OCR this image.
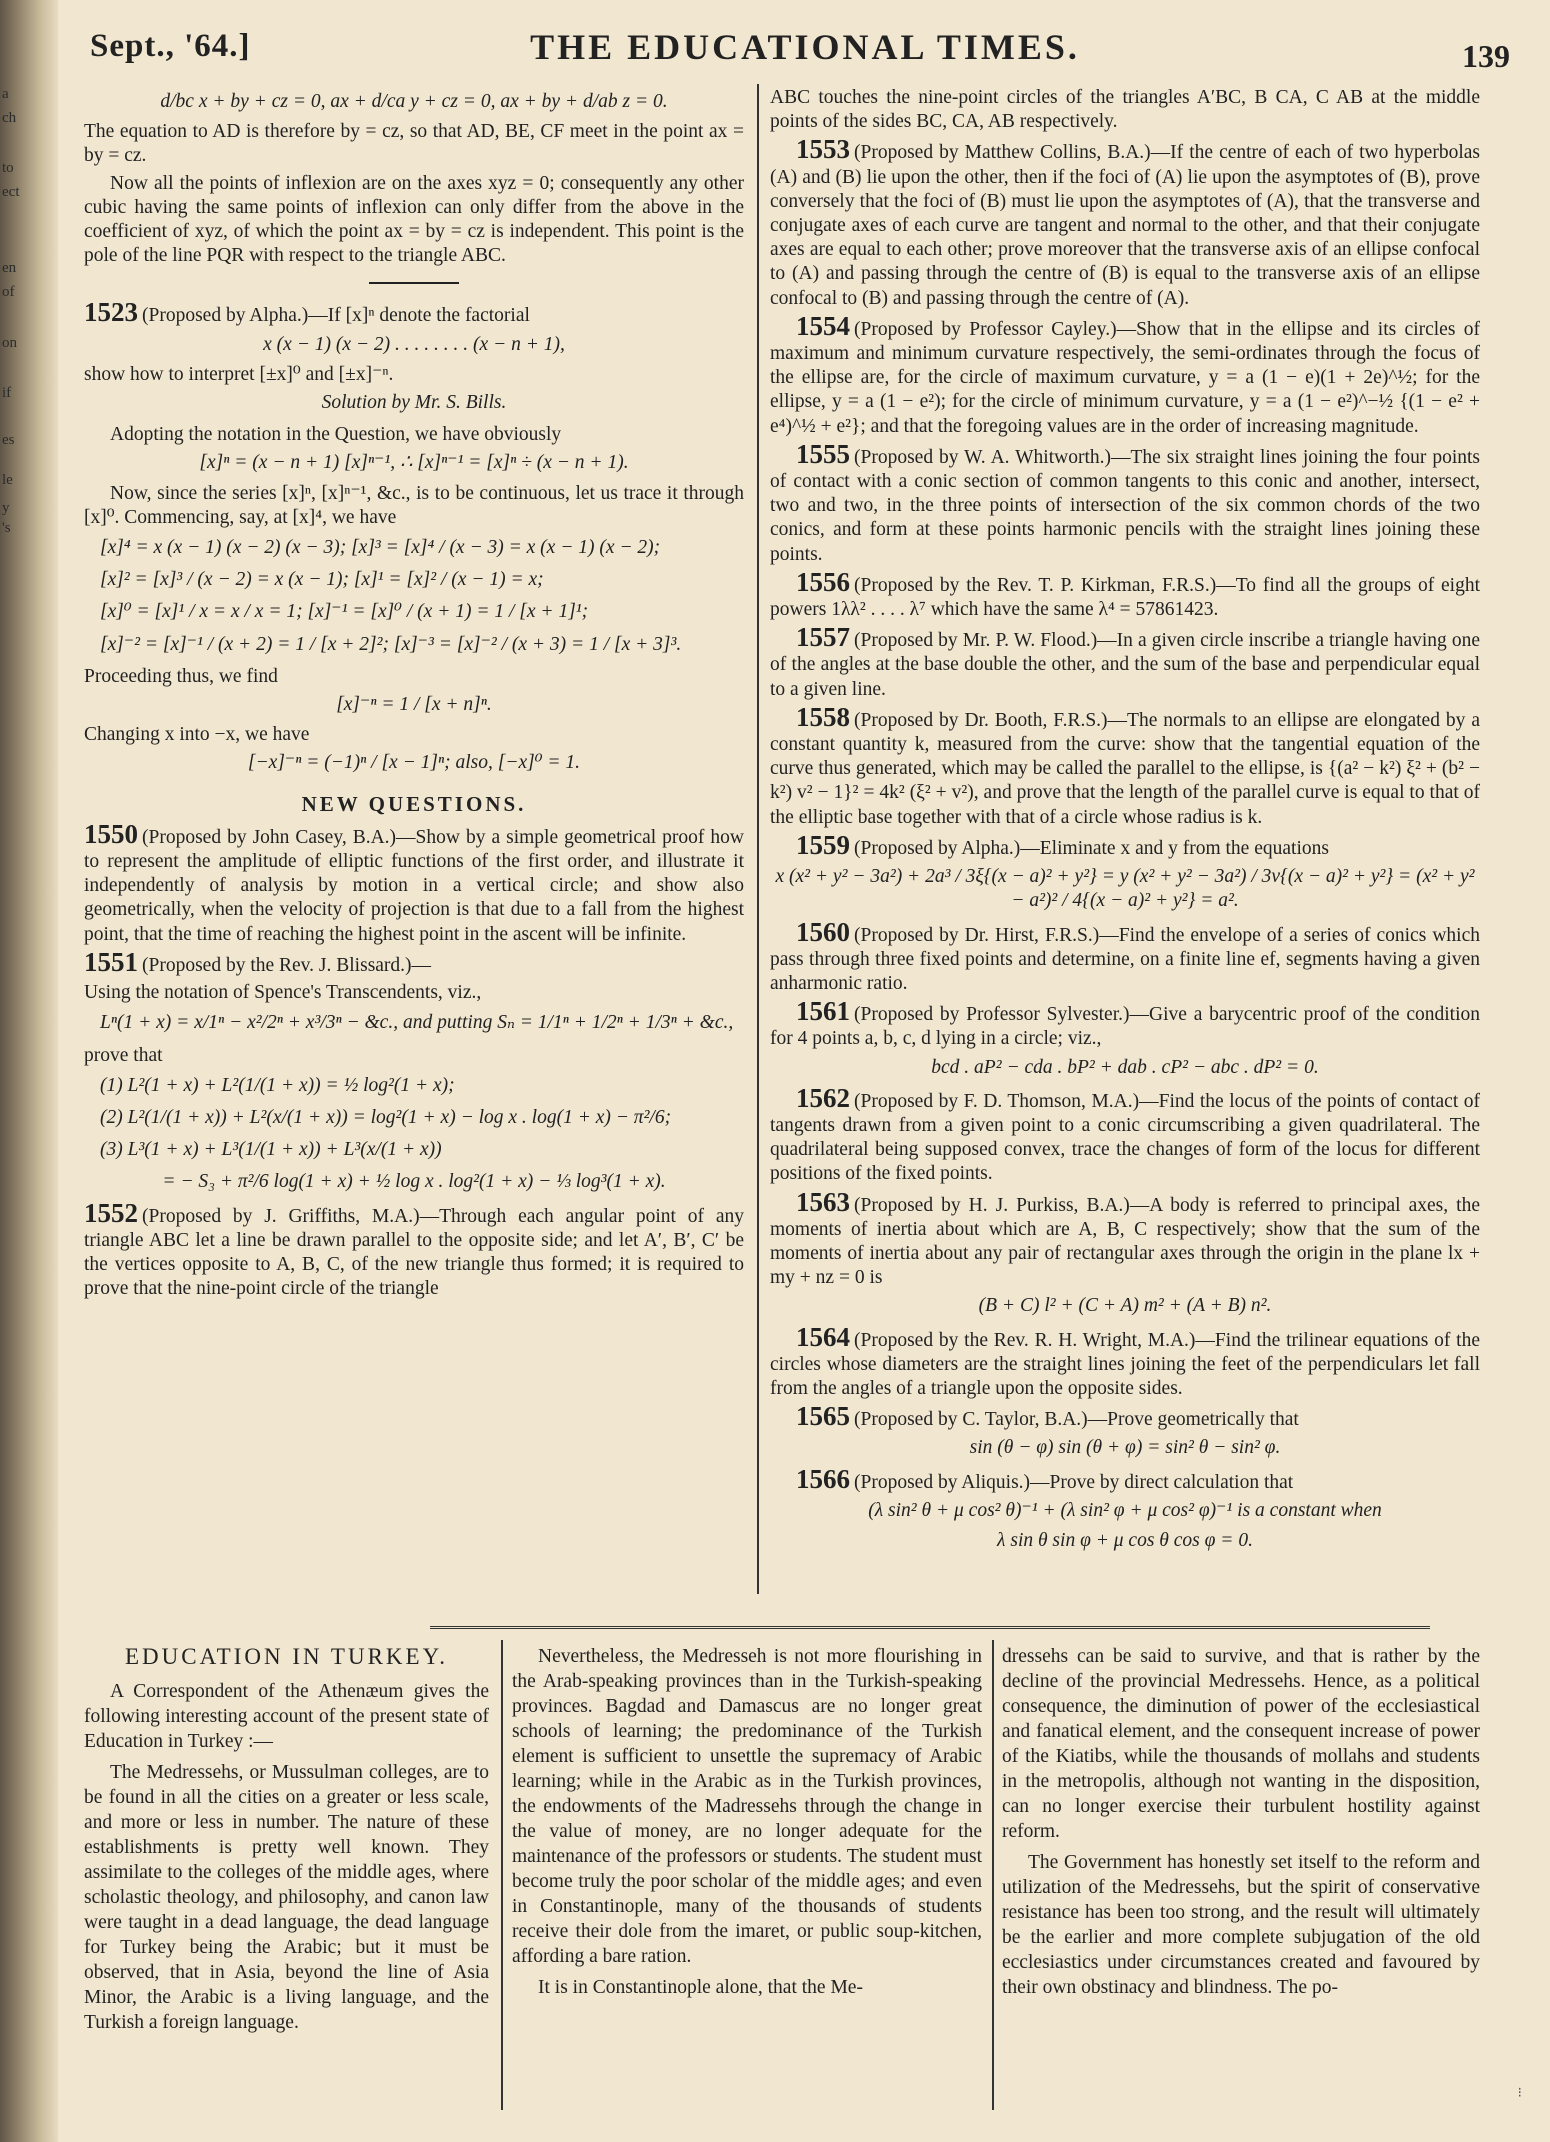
a
ch
to
ect
en
of
on
if
es
le
y
's
Sept., '64.]	THE EDUCATIONAL TIMES.	139
d/bc x + by + cz = 0, ax + d/ca y + cz = 0, ax + by + d/ab z = 0.

The equation to AD is therefore by = cz, so that AD, BE, CF meet in the point ax = by = cz.

Now all the points of inflexion are on the axes xyz = 0; consequently any other cubic having the same points of inflexion can only differ from the above in the coefficient of xyz, of which the point ax = by = cz is independent. This point is the pole of the line PQR with respect to the triangle ABC.

1523 (Proposed by Alpha.)—If [x]ⁿ denote the factorial

x (x − 1) (x − 2) . . . . . . . . (x − n + 1),

show how to interpret [±x]⁰ and [±x]⁻ⁿ.

Solution by Mr. S. Bills.

Adopting the notation in the Question, we have obviously

[x]ⁿ = (x − n + 1) [x]ⁿ⁻¹, ∴ [x]ⁿ⁻¹ = [x]ⁿ ÷ (x − n + 1).

Now, since the series [x]ⁿ, [x]ⁿ⁻¹, &c., is to be continuous, let us trace it through [x]⁰. Commencing, say, at [x]⁴, we have

[x]⁴ = x (x − 1) (x − 2) (x − 3); [x]³ = [x]⁴ / (x − 3) = x (x − 1) (x − 2);
[x]² = [x]³ / (x − 2) = x (x − 1); [x]¹ = [x]² / (x − 1) = x;
[x]⁰ = [x]¹ / x = x / x = 1; [x]⁻¹ = [x]⁰ / (x + 1) = 1 / [x + 1]¹;
[x]⁻² = [x]⁻¹ / (x + 2) = 1 / [x + 2]²; [x]⁻³ = [x]⁻² / (x + 3) = 1 / [x + 3]³.

Proceeding thus, we find

[x]⁻ⁿ = 1 / [x + n]ⁿ.

Changing x into −x, we have

[−x]⁻ⁿ = (−1)ⁿ / [x − 1]ⁿ; also, [−x]⁰ = 1.
NEW QUESTIONS.

1550 (Proposed by John Casey, B.A.)—Show by a simple geometrical proof how to represent the amplitude of elliptic functions of the first order, and illustrate it independently of analysis by motion in a vertical circle; and show also geometrically, when the velocity of projection is that due to a fall from the highest point, that the time of reaching the highest point in the ascent will be infinite.

1551 (Proposed by the Rev. J. Blissard.)—

Using the notation of Spence's Transcendents, viz.,

Lⁿ(1 + x) = x/1ⁿ − x²/2ⁿ + x³/3ⁿ − &c., and putting Sₙ = 1/1ⁿ + 1/2ⁿ + 1/3ⁿ + &c.,

prove that

(1) L²(1 + x) + L²(1/(1 + x)) = ½ log²(1 + x);
(2) L²(1/(1 + x)) + L²(x/(1 + x)) = log²(1 + x) − log x . log(1 + x) − π²/6;
(3) L³(1 + x) + L³(1/(1 + x)) + L³(x/(1 + x))
= − S₃ + π²/6 log(1 + x) + ½ log x . log²(1 + x) − ⅓ log³(1 + x).

1552 (Proposed by J. Griffiths, M.A.)—Through each angular point of any triangle ABC let a line be drawn parallel to the opposite side; and let A′, B′, C′ be the vertices opposite to A, B, C, of the new triangle thus formed; it is required to prove that the nine-point circle of the triangle

ABC touches the nine-point circles of the triangles A′BC, B CA, C AB at the middle points of the sides BC, CA, AB respectively.

1553 (Proposed by Matthew Collins, B.A.)—If the centre of each of two hyperbolas (A) and (B) lie upon the other, then if the foci of (A) lie upon the asymptotes of (B), prove conversely that the foci of (B) must lie upon the asymptotes of (A), that the transverse and conjugate axes of each curve are tangent and normal to the other, and that their conjugate axes are equal to each other; prove moreover that the transverse axis of an ellipse confocal to (A) and passing through the centre of (B) is equal to the transverse axis of an ellipse confocal to (B) and passing through the centre of (A).

1554 (Proposed by Professor Cayley.)—Show that in the ellipse and its circles of maximum and minimum curvature respectively, the semi-ordinates through the focus of the ellipse are, for the circle of maximum curvature, y = a (1 − e)(1 + 2e)^½; for the ellipse, y = a (1 − e²); for the circle of minimum curvature, y = a (1 − e²)^−½ {(1 − e² + e⁴)^½ + e²}; and that the foregoing values are in the order of increasing magnitude.

1555 (Proposed by W. A. Whitworth.)—The six straight lines joining the four points of contact with a conic section of common tangents to this conic and another, intersect, two and two, in the three points of intersection of the six common chords of the two conics, and form at these points harmonic pencils with the straight lines joining these points.

1556 (Proposed by the Rev. T. P. Kirkman, F.R.S.)—To find all the groups of eight powers 1λλ² . . . . λ⁷ which have the same λ⁴ = 57861423.

1557 (Proposed by Mr. P. W. Flood.)—In a given circle inscribe a triangle having one of the angles at the base double the other, and the sum of the base and perpendicular equal to a given line.

1558 (Proposed by Dr. Booth, F.R.S.)—The normals to an ellipse are elongated by a constant quantity k, measured from the curve: show that the tangential equation of the curve thus generated, which may be called the parallel to the ellipse, is {(a² − k²) ξ² + (b² − k²) v² − 1}² = 4k² (ξ² + v²), and prove that the length of the parallel curve is equal to that of the elliptic base together with that of a circle whose radius is k.

1559 (Proposed by Alpha.)—Eliminate x and y from the equations

x (x² + y² − 3a²) + 2a³ / 3ξ{(x − a)² + y²} = y (x² + y² − 3a²) / 3v{(x − a)² + y²} = (x² + y² − a²)² / 4{(x − a)² + y²} = a².

1560 (Proposed by Dr. Hirst, F.R.S.)—Find the envelope of a series of conics which pass through three fixed points and determine, on a finite line ef, segments having a given anharmonic ratio.

1561 (Proposed by Professor Sylvester.)—Give a barycentric proof of the condition for 4 points a, b, c, d lying in a circle; viz.,

bcd . aP² − cda . bP² + dab . cP² − abc . dP² = 0.

1562 (Proposed by F. D. Thomson, M.A.)—Find the locus of the points of contact of tangents drawn from a given point to a conic circumscribing a given quadrilateral. The quadrilateral being supposed convex, trace the changes of form of the locus for different positions of the fixed points.

1563 (Proposed by H. J. Purkiss, B.A.)—A body is referred to principal axes, the moments of inertia about which are A, B, C respectively; show that the sum of the moments of inertia about any pair of rectangular axes through the origin in the plane lx + my + nz = 0 is

(B + C) l² + (C + A) m² + (A + B) n².

1564 (Proposed by the Rev. R. H. Wright, M.A.)—Find the trilinear equations of the circles whose diameters are the straight lines joining the feet of the perpendiculars let fall from the angles of a triangle upon the opposite sides.

1565 (Proposed by C. Taylor, B.A.)—Prove geometrically that

sin (θ − φ) sin (θ + φ) = sin² θ − sin² φ.

1566 (Proposed by Aliquis.)—Prove by direct calculation that

(λ sin² θ + μ cos² θ)⁻¹ + (λ sin² φ + μ cos² φ)⁻¹ is a constant when
λ sin θ sin φ + μ cos θ cos φ = 0.
EDUCATION IN TURKEY.

A Correspondent of the Athenæum gives the following interesting account of the present state of Education in Turkey :—

The Medressehs, or Mussulman colleges, are to be found in all the cities on a greater or less scale, and more or less in number. The nature of these establishments is pretty well known. They assimilate to the colleges of the middle ages, where scholastic theology, and philosophy, and canon law were taught in a dead language, the dead language for Turkey being the Arabic; but it must be observed, that in Asia, beyond the line of Asia Minor, the Arabic is a living language, and the Turkish a foreign language.

Nevertheless, the Medresseh is not more flourishing in the Arab-speaking provinces than in the Turkish-speaking provinces. Bagdad and Damascus are no longer great schools of learning; the predominance of the Turkish element is sufficient to unsettle the supremacy of Arabic learning; while in the Arabic as in the Turkish provinces, the endowments of the Madressehs through the change in the value of money, are no longer adequate for the maintenance of the professors or students. The student must become truly the poor scholar of the middle ages; and even in Constantinople, many of the thousands of students receive their dole from the imaret, or public soup-kitchen, affording a bare ration.

It is in Constantinople alone, that the Me-

dressehs can be said to survive, and that is rather by the decline of the provincial Medressehs. Hence, as a political consequence, the diminution of power of the ecclesiastical and fanatical element, and the consequent increase of power of the Kiatibs, while the thousands of mollahs and students in the metropolis, although not wanting in the disposition, can no longer exercise their turbulent hostility against reform.

The Government has honestly set itself to the reform and utilization of the Medressehs, but the spirit of conservative resistance has been too strong, and the result will ultimately be the earlier and more complete subjugation of the old ecclesiastics under circumstances created and favoured by their own obstinacy and blindness. The po-

⁝
